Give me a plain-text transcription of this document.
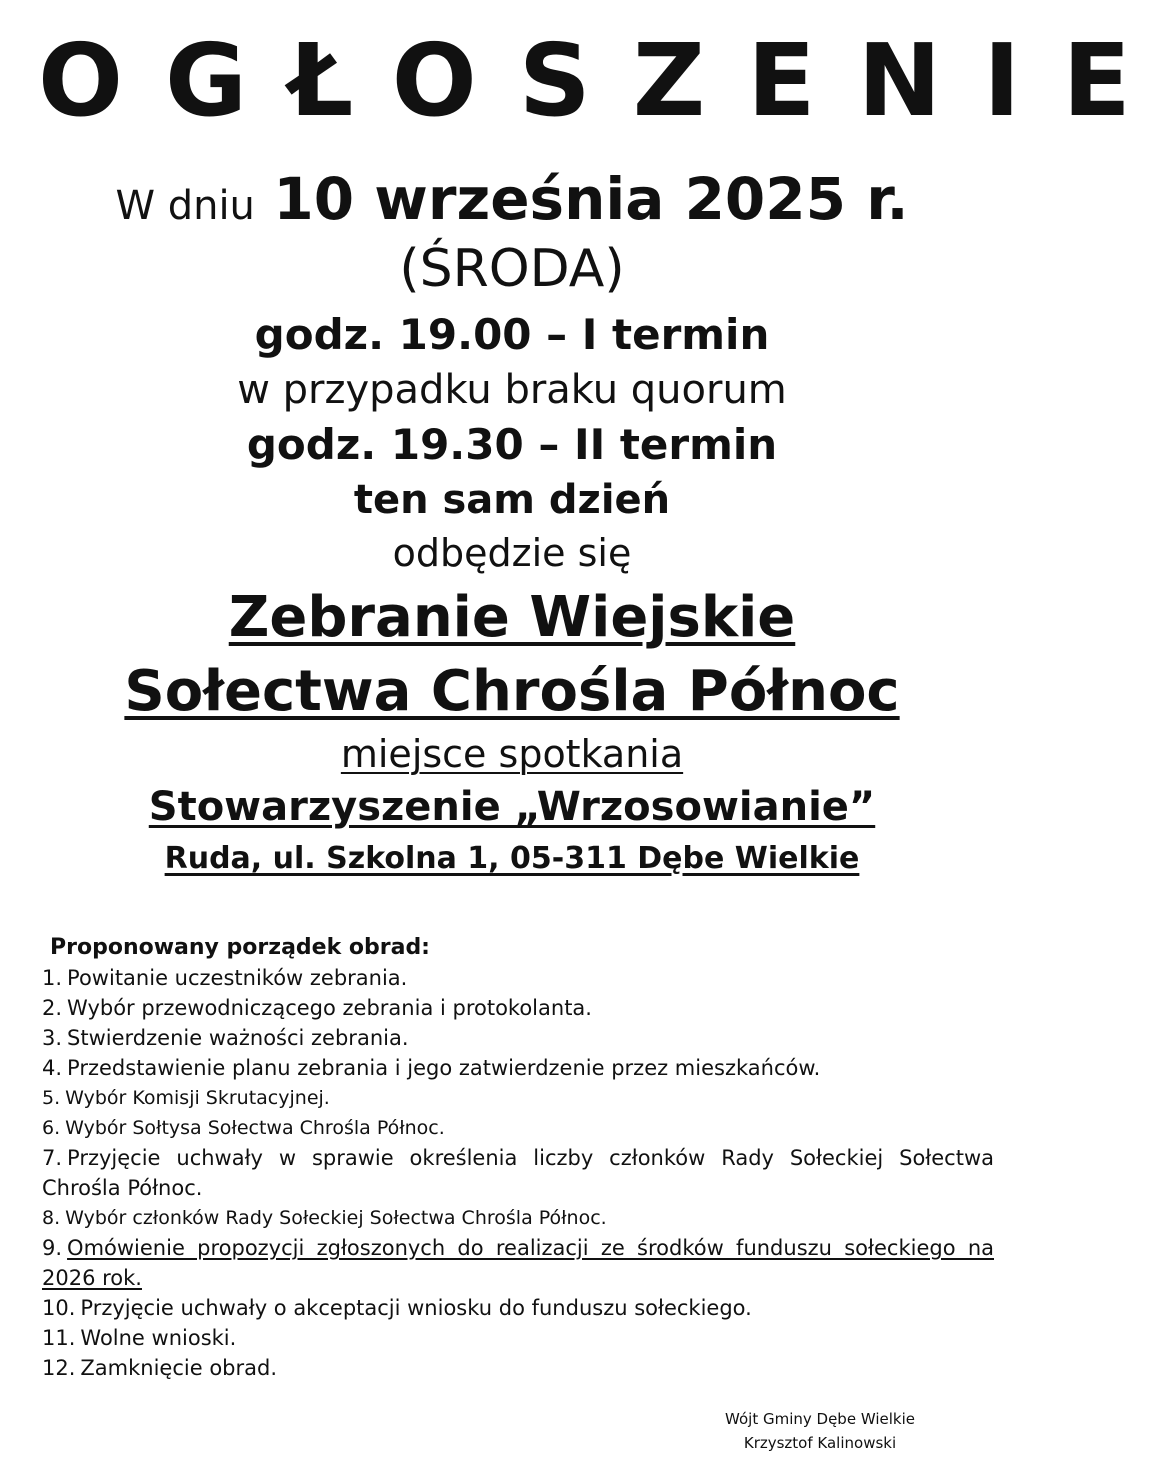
OGŁOSZENIE
W dniu 10 września 2025 r.
(ŚRODA)
godz. 19.00 – I termin
w przypadku braku quorum
godz. 19.30 – II termin
ten sam dzień
odbędzie się
Zebranie Wiejskie
Sołectwa Chrośla Północ
miejsce spotkania
Stowarzyszenie „Wrzosowianie”
Ruda, ul. Szkolna 1, 05-311 Dębe Wielkie
Proponowany porządek obrad:
1. Powitanie uczestników zebrania.
2. Wybór przewodniczącego zebrania i protokolanta.
3. Stwierdzenie ważności zebrania.
4. Przedstawienie planu zebrania i jego zatwierdzenie przez mieszkańców.
5. Wybór Komisji Skrutacyjnej.
6. Wybór Sołtysa Sołectwa Chrośla Północ.
7. Przyjęcie uchwały w sprawie określenia liczby członków Rady Sołeckiej Sołectwa Chrośla Północ.
8. Wybór członków Rady Sołeckiej Sołectwa Chrośla Północ.
9. Omówienie propozycji zgłoszonych do realizacji ze środków funduszu sołeckiego na 2026 rok.
10. Przyjęcie uchwały o akceptacji wniosku do funduszu sołeckiego.
11. Wolne wnioski.
12. Zamknięcie obrad.
Wójt Gminy Dębe Wielkie
Krzysztof Kalinowski
